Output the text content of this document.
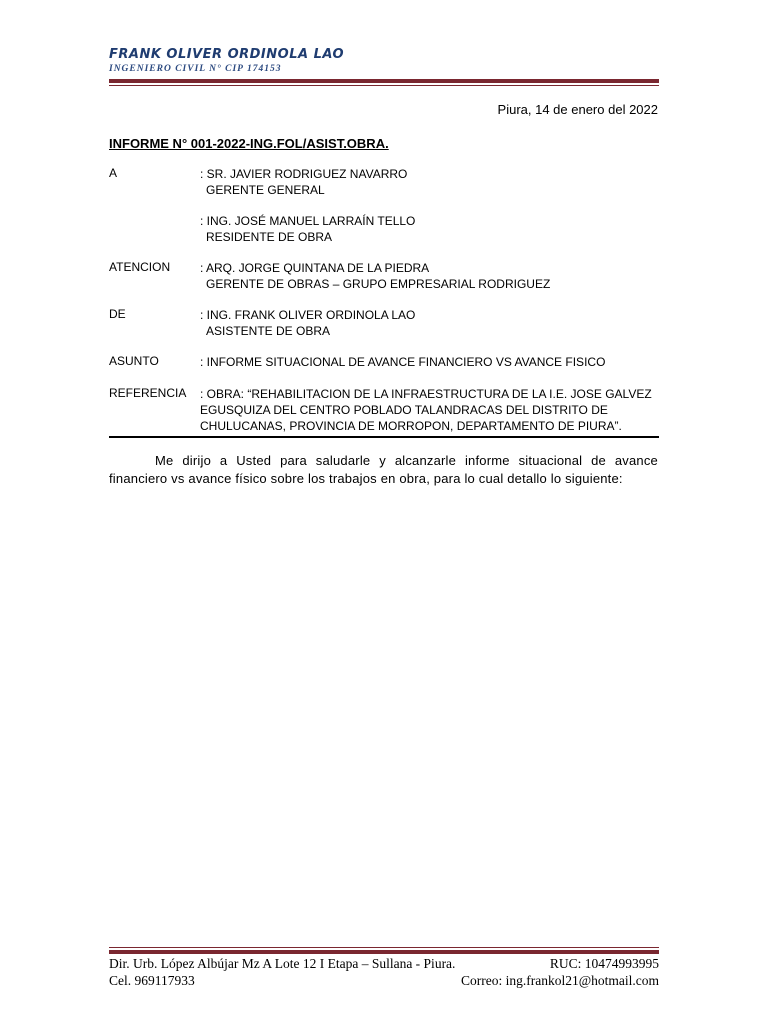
FRANK OLIVER ORDINOLA LAO
INGENIERO CIVIL N° CIP 174153
Piura, 14 de enero del 2022
INFORME N° 001-2022-ING.FOL/ASIST.OBRA.
A	: SR. JAVIER RODRIGUEZ NAVARRO
GERENTE GENERAL
: ING. JOSÉ MANUEL LARRAÍN TELLO
RESIDENTE DE OBRA
ATENCION : ARQ. JORGE QUINTANA DE LA PIEDRA
GERENTE DE OBRAS – GRUPO EMPRESARIAL RODRIGUEZ
DE	: ING. FRANK OLIVER ORDINOLA LAO
ASISTENTE DE OBRA
ASUNTO	: INFORME SITUACIONAL DE AVANCE FINANCIERO VS AVANCE FISICO
REFERENCIA : OBRA: “REHABILITACION DE LA INFRAESTRUCTURA DE LA I.E. JOSE GALVEZ EGUSQUIZA DEL CENTRO POBLADO TALANDRACAS DEL DISTRITO DE CHULUCANAS, PROVINCIA DE MORROPON, DEPARTAMENTO DE PIURA”.
Me dirijo a Usted para saludarle y alcanzarle informe situacional de avance financiero vs avance físico sobre los trabajos en obra, para lo cual detallo lo siguiente:
Dir. Urb. López Albújar Mz A Lote 12 I Etapa – Sullana - Piura.	RUC: 10474993995
Cel. 969117933	Correo: ing.frankol21@hotmail.com
